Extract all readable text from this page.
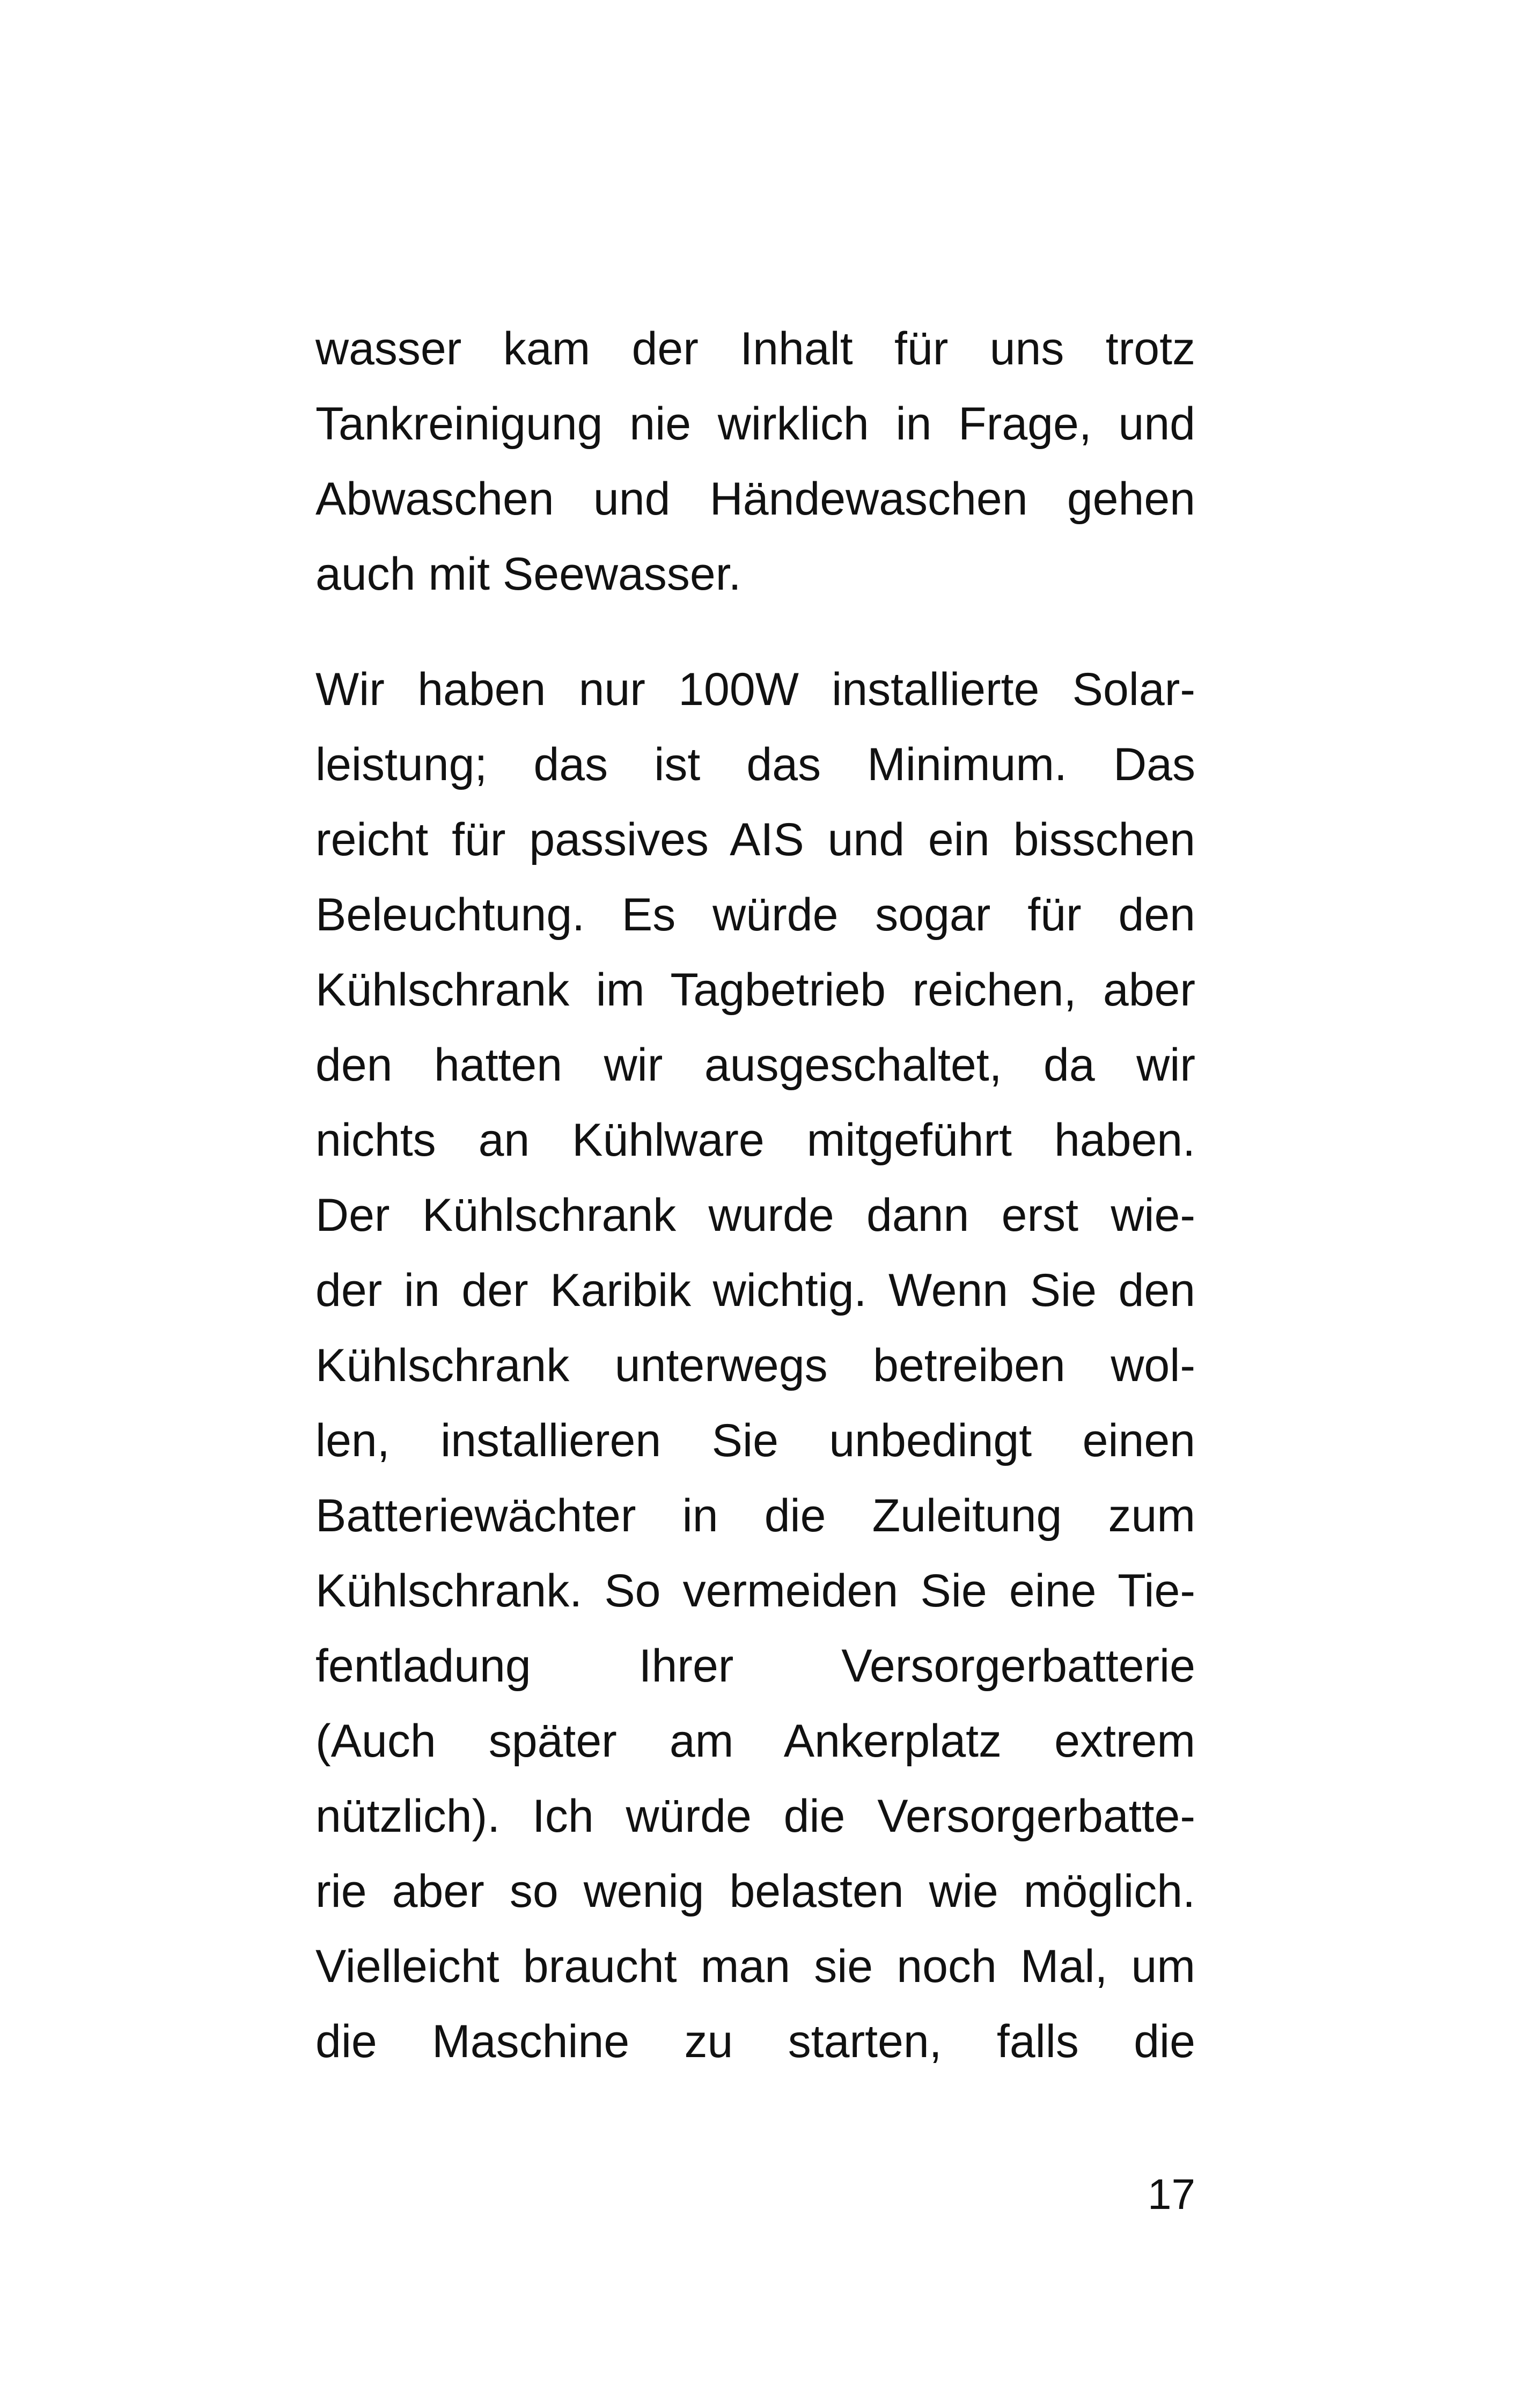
wasser kam der Inhalt für uns trotz
Tankreinigung nie wirklich in Frage, und
Abwaschen und Händewaschen gehen
auch mit Seewasser.
Wir haben nur 100W installierte Solar-
leistung; das ist das Minimum. Das
reicht für passives AIS und ein bisschen
Beleuchtung. Es würde sogar für den
Kühlschrank im Tagbetrieb reichen, aber
den hatten wir ausgeschaltet, da wir
nichts an Kühlware mitgeführt haben.
Der Kühlschrank wurde dann erst wie-
der in der Karibik wichtig. Wenn Sie den
Kühlschrank unterwegs betreiben wol-
len, installieren Sie unbedingt einen
Batteriewächter in die Zuleitung zum
Kühlschrank. So vermeiden Sie eine Tie-
fentladung Ihrer Versorgerbatterie
(Auch später am Ankerplatz extrem
nützlich). Ich würde die Versorgerbatte-
rie aber so wenig belasten wie möglich.
Vielleicht braucht man sie noch Mal, um
die Maschine zu starten, falls die
17
